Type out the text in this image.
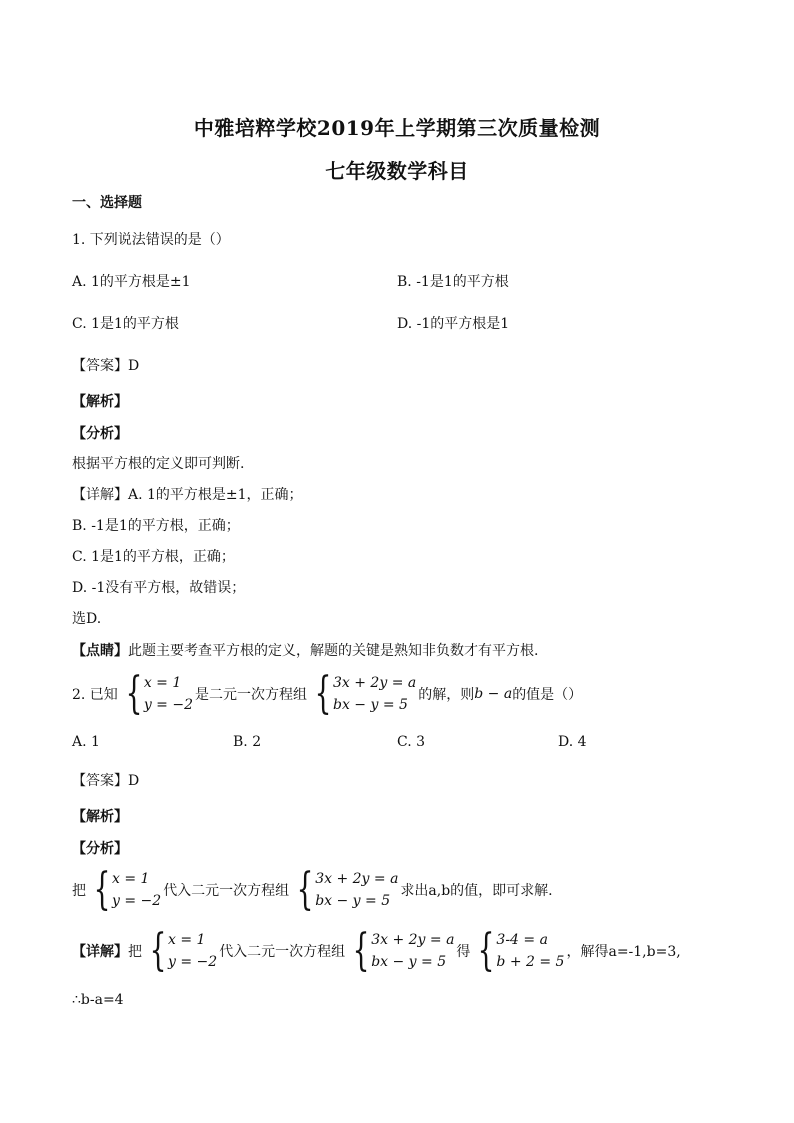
中雅培粹学校2019年上学期第三次质量检测
七年级数学科目
一、选择题
1. 下列说法错误的是（）
A. 1的平方根是±1	B. -1是1的平方根
C. 1是1的平方根	D. -1的平方根是1
【答案】D
【解析】
【分析】
根据平方根的定义即可判断.
【详解】A. 1的平方根是±1，正确；
B. -1是1的平方根，正确；
C. 1是1的平方根，正确；
D. -1没有平方根，故错误；
选D.
【点睛】此题主要考查平方根的定义，解题的关键是熟知非负数才有平方根.
2. 已知 { x = 1
y = −2
是二元一次方程组 { 3x + 2y = a
bx − y = 5
的解，则 b − a 的值是（）
A. 1	B. 2	C. 3	D. 4
【答案】D
【解析】
【分析】
把 { x = 1
y = −2
代入二元一次方程组 { 3x + 2y = a
bx − y = 5
求出a,b的值，即可求解.
【详解】 把 { x = 1
y = −2
代入二元一次方程组 { 3x + 2y = a
bx − y = 5
得 { 3-4 = a
b + 2 = 5
，解得a=-1,b=3,
∴b-a=4
